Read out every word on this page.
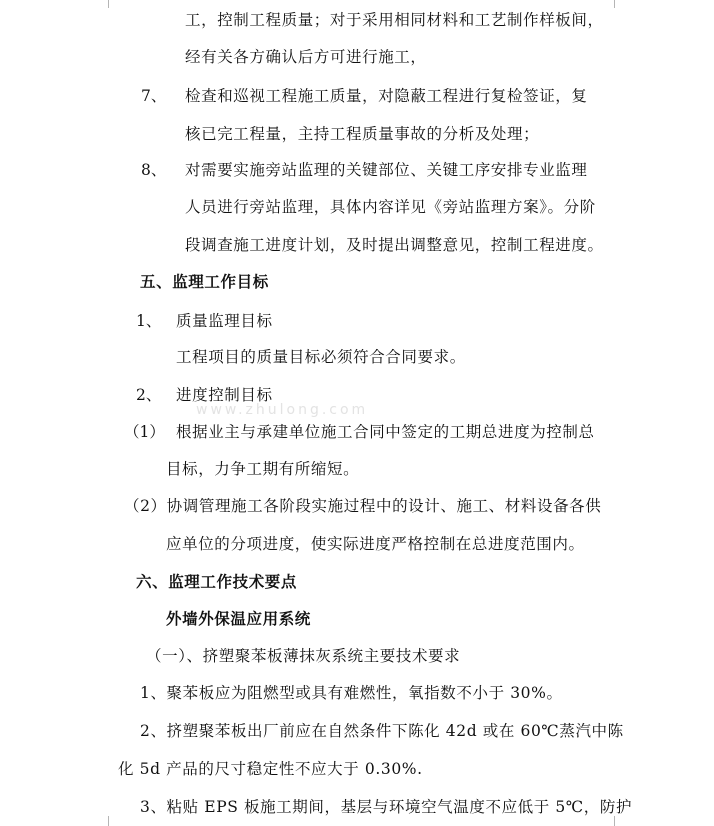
www.zhulong.com
工，控制工程质量；对于采用相同材料和工艺制作样板间，
经有关各方确认后方可进行施工，
7、 检查和巡视工程施工质量，对隐蔽工程进行复检签证，复
核已完工程量，主持工程质量事故的分析及处理；
8、 对需要实施旁站监理的关键部位、关键工序安排专业监理
人员进行旁站监理，具体内容详见《旁站监理方案》。分阶
段调查施工进度计划，及时提出调整意见，控制工程进度。
五、监理工作目标
1、 质量监理目标
工程项目的质量目标必须符合合同要求。
2、 进度控制目标
（1） 根据业主与承建单位施工合同中签定的工期总进度为控制总
目标，力争工期有所缩短。
（2）协调管理施工各阶段实施过程中的设计、施工、材料设备各供
应单位的分项进度，使实际进度严格控制在总进度范围内。
六、监理工作技术要点
外墙外保温应用系统
（一）、挤塑聚苯板薄抹灰系统主要技术要求
1、聚苯板应为阻燃型或具有难燃性，氧指数不小于 30%。
2、挤塑聚苯板出厂前应在自然条件下陈化 42d 或在 60℃蒸汽中陈
化 5d 产品的尺寸稳定性不应大于 0.30%.
3、粘贴 EPS 板施工期间，基层与环境空气温度不应低于 5℃，防护
